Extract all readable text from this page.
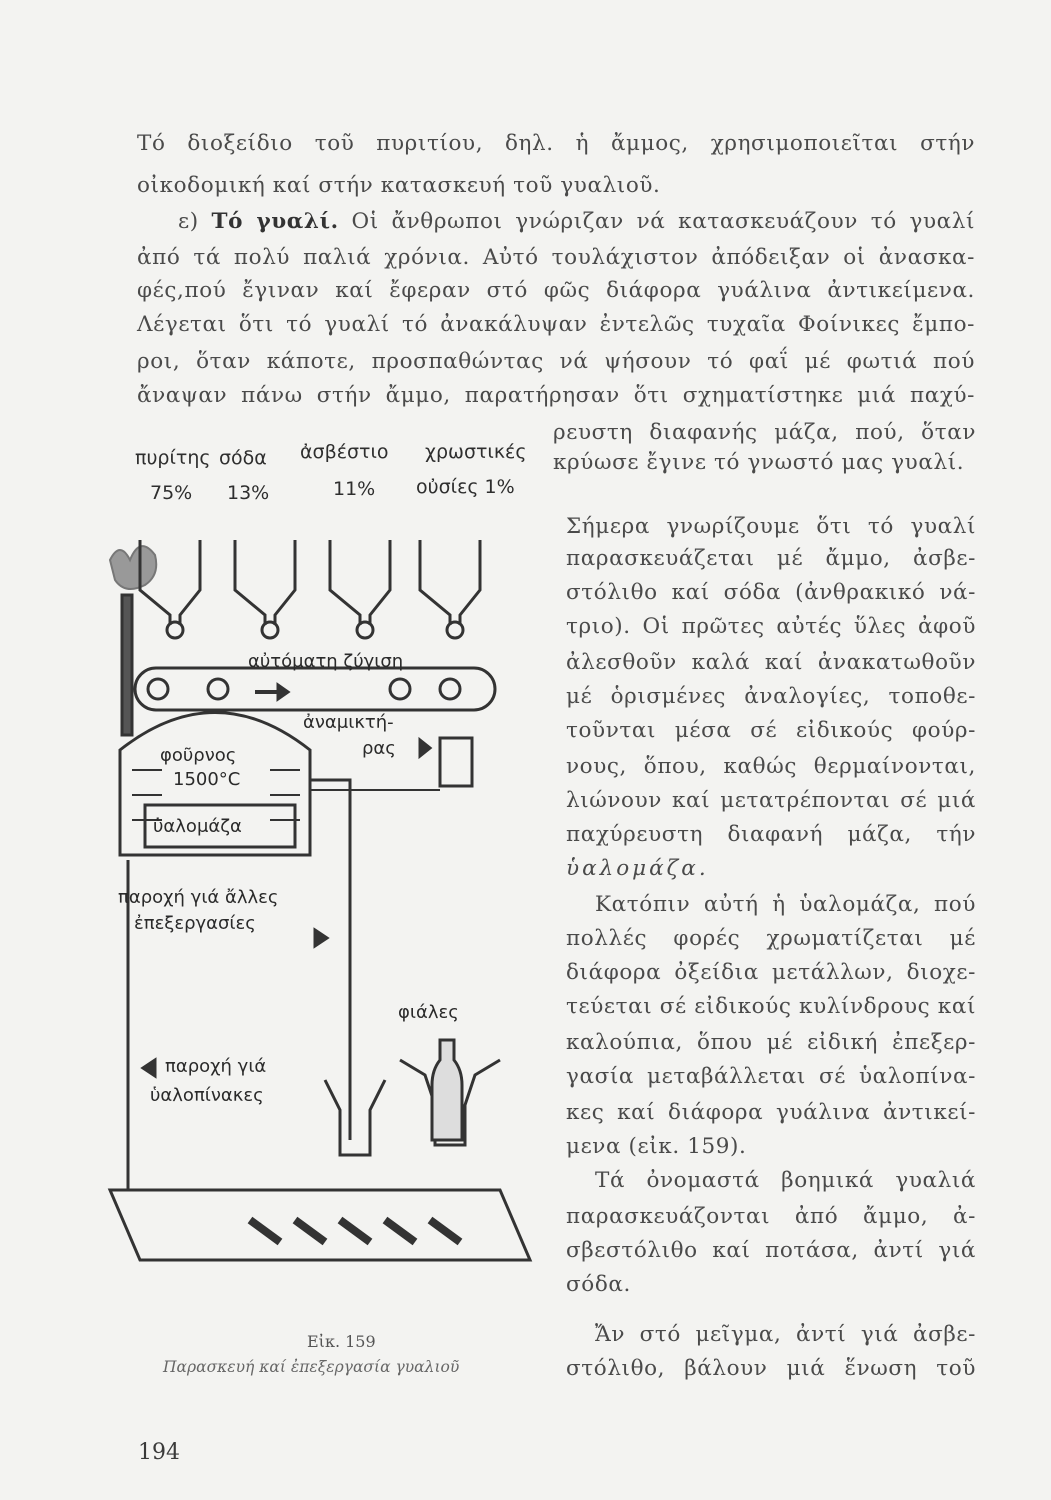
Τό διοξείδιο τοῦ πυριτίου, δηλ. ἡ ἄμμος, χρησιμοποιεῖται στήν
οἰκοδομική καί στήν κατασκευή τοῦ γυαλιοῦ.
ε) Τό γυαλί. Οἱ ἄνθρωποι γνώριζαν νά κατασκευάζουν τό γυαλί
ἀπό τά πολύ παλιά χρόνια. Αὐτό τουλάχιστον ἀπόδειξαν οἱ ἀνασκα-
φές,πού ἔγιναν καί ἔφεραν στό φῶς διάφορα γυάλινα ἀντικείμενα.
Λέγεται ὅτι τό γυαλί τό ἀνακάλυψαν ἐντελῶς τυχαῖα Φοίνικες ἔμπο-
ροι, ὅταν κάποτε, προσπαθώντας νά ψήσουν τό φαΐ μέ φωτιά πού
ἄναψαν πάνω στήν ἄμμο, παρατήρησαν ὅτι σχηματίστηκε μιά παχύ-
ρευστη διαφανής μάζα, πού, ὅταν
κρύωσε ἔγινε τό γνωστό μας γυαλί.
πυρίτης σόδα ἀσβέστιο χρωστικές
75% 13%	11% οὐσίες 1%
αὐτόματη ζύγιση
ἀναμικτή-
ρας
φοῦρνος
1500°C
ὑαλομάζα
παροχή γιά ἄλλες
ἐπεξεργασίες
φιάλες
παροχή γιά
ὑαλοπίνακες
Σήμερα γνωρίζουμε ὅτι τό γυαλί
παρασκευάζεται μέ ἄμμο, ἀσβε-
στόλιθο καί σόδα (ἀνθρακικό νά-
τριο). Οἱ πρῶτες αὐτές ὕλες ἀφοῦ
ἀλεσθοῦν καλά καί ἀνακατωθοῦν
μέ ὁρισμένες ἀναλογίες, τοποθε-
τοῦνται μέσα σέ εἰδικούς φούρ-
νους, ὅπου, καθώς θερμαίνονται,
λιώνουν καί μετατρέπονται σέ μιά
παχύρευστη διαφανή μάζα, τήν
ὑαλομάζα.
Κατόπιν αὐτή ἡ ὑαλομάζα, πού
πολλές φορές χρωματίζεται μέ
διάφορα ὀξείδια μετάλλων, διοχε-
τεύεται σέ εἰδικούς κυλίνδρους καί
καλούπια, ὅπου μέ εἰδική ἐπεξερ-
γασία μεταβάλλεται σέ ὑαλοπίνα-
κες καί διάφορα γυάλινα ἀντικεί-
μενα (εἰκ. 159).
Τά ὀνομαστά βοημικά γυαλιά
παρασκευάζονται ἀπό ἄμμο, ἀ-
σβεστόλιθο καί ποτάσα, ἀντί γιά
σόδα.
Ἄν στό μεῖγμα, ἀντί γιά ἀσβε-
στόλιθο, βάλουν μιά ἕνωση τοῦ
Εἰκ. 159
Παρασκευή καί ἐπεξεργασία γυαλιοῦ
194
